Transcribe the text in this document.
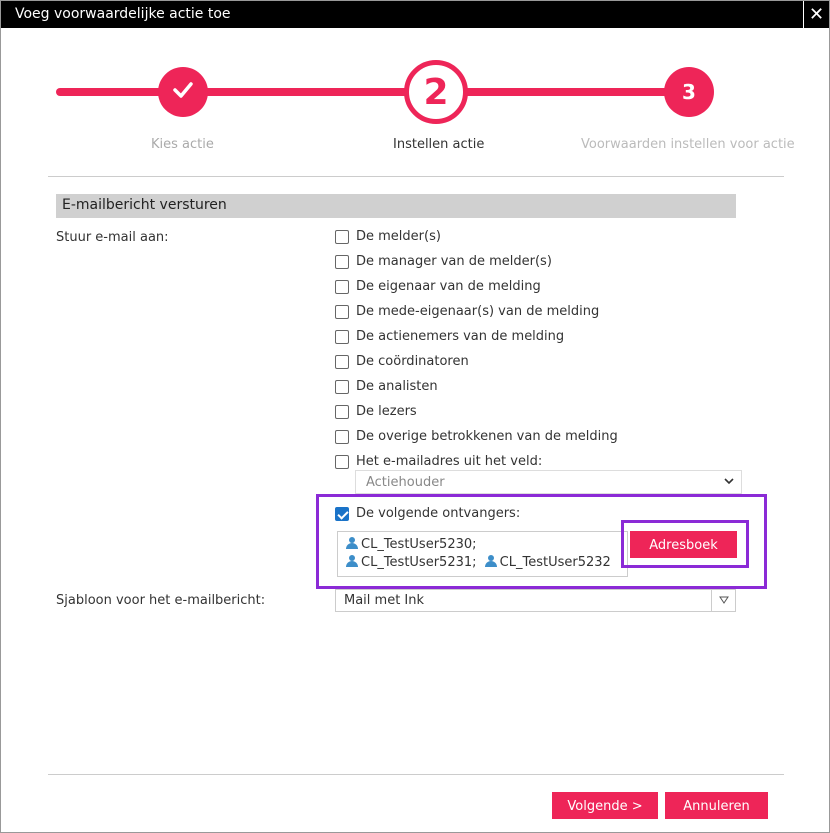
Voeg voorwaardelijke actie toe	✕
2	3
Kies actie	Instellen actie	Voorwaarden instellen voor actie
E-mailbericht versturen
Stuur e-mail aan:	De melder(s)
De manager van de melder(s)
De eigenaar van de melding
De mede-eigenaar(s) van de melding
De actienemers van de melding
De coördinatoren
De analisten
De lezers
De overige betrokkenen van de melding
Het e-mailadres uit het veld:
Actiehouder
De volgende ontvangers:
CL_TestUser5230; CL_TestUser5231; CL_TestUser5232
Adresboek
Sjabloon voor het e-mailbericht:	Mail met Ink
Volgende >	Annuleren
